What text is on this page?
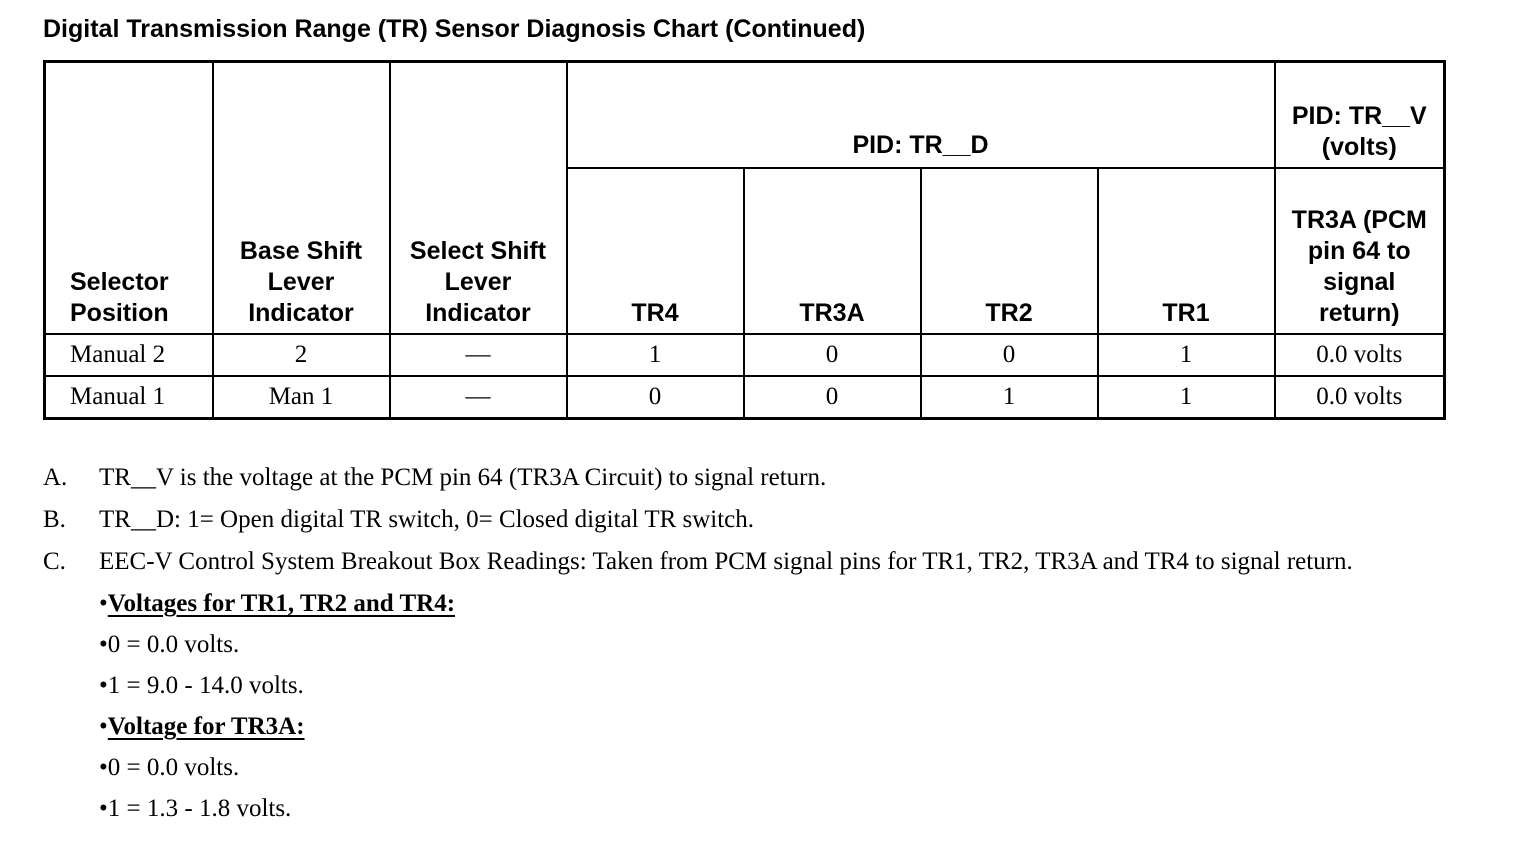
Digital Transmission Range (TR) Sensor Diagnosis Chart (Continued)
Selector Position	Base Shift Lever Indicator	Select Shift Lever Indicator	PID: TR__D				PID: TR__V (volts)
			TR4	TR3A	TR2	TR1	TR3A (PCM pin 64 to signal return)
Manual 2	2	—	1	0	0	1	0.0 volts
Manual 1	Man 1	—	0	0	1	1	0.0 volts
A.	TR__V is the voltage at the PCM pin 64 (TR3A Circuit) to signal return.
B.	TR__D: 1= Open digital TR switch, 0= Closed digital TR switch.
C.	EEC-V Control System Breakout Box Readings: Taken from PCM signal pins for TR1, TR2, TR3A and TR4 to signal return.
•Voltages for TR1, TR2 and TR4:
•0 = 0.0 volts.
•1 = 9.0 - 14.0 volts.
•Voltage for TR3A:
•0 = 0.0 volts.
•1 = 1.3 - 1.8 volts.
